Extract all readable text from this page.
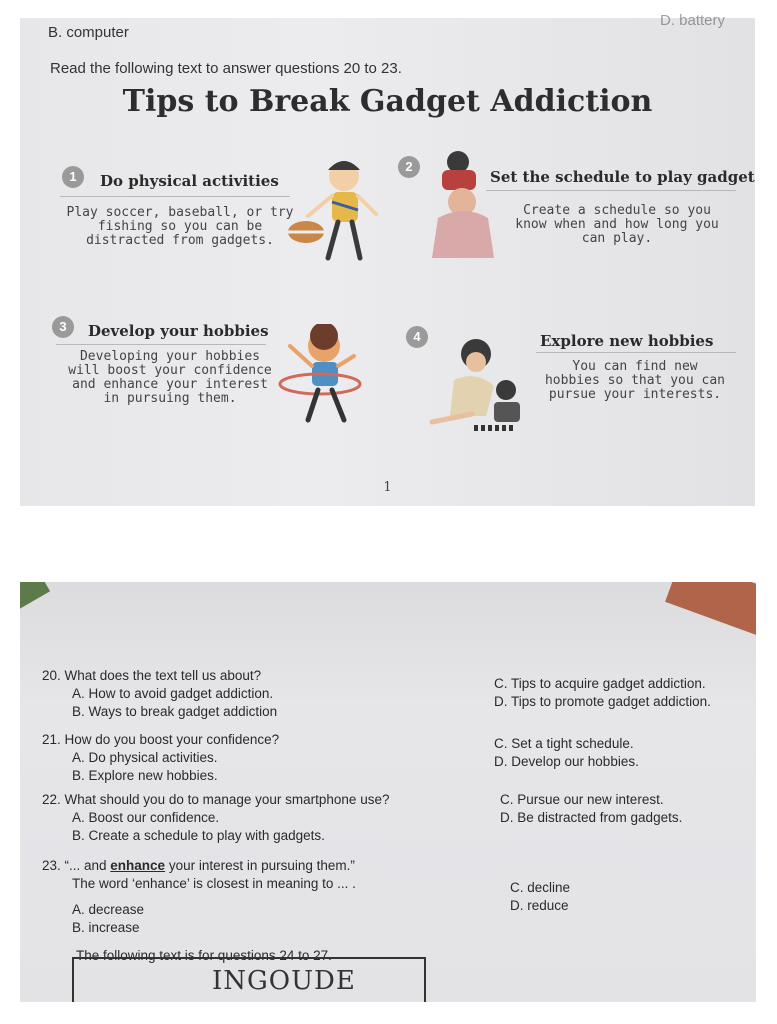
B. computer
D. battery
Read the following text to answer questions 20 to 23.
Tips to Break Gadget Addiction
1	Do physical activities
Play soccer, baseball, or try
fishing so you can be
distracted from gadgets.
2
Set the schedule to play gadget
Create a schedule so you
know when and how long you
can play.
3	Develop your hobbies
Developing your hobbies
will boost your confidence
and enhance your interest
in pursuing them.
4	Explore new hobbies
You can find new
hobbies so that you can
pursue your interests.
1
20. What does the text tell us about?
A. How to avoid gadget addiction.
B. Ways to break gadget addiction
C. Tips to acquire gadget addiction.
D. Tips to promote gadget addiction.
21. How do you boost your confidence?
A. Do physical activities.
B. Explore new hobbies.
C. Set a tight schedule.
D. Develop our hobbies.
22. What should you do to manage your smartphone use?
A. Boost our confidence.
B. Create a schedule to play with gadgets.
C. Pursue our new interest.
D. Be distracted from gadgets.
23. “... and enhance your interest in pursuing them.”
The word ‘enhance’ is closest in meaning to ... .
A. decrease
B. increase
C. decline
D. reduce
The following text is for questions 24 to 27.
INGOUDE
